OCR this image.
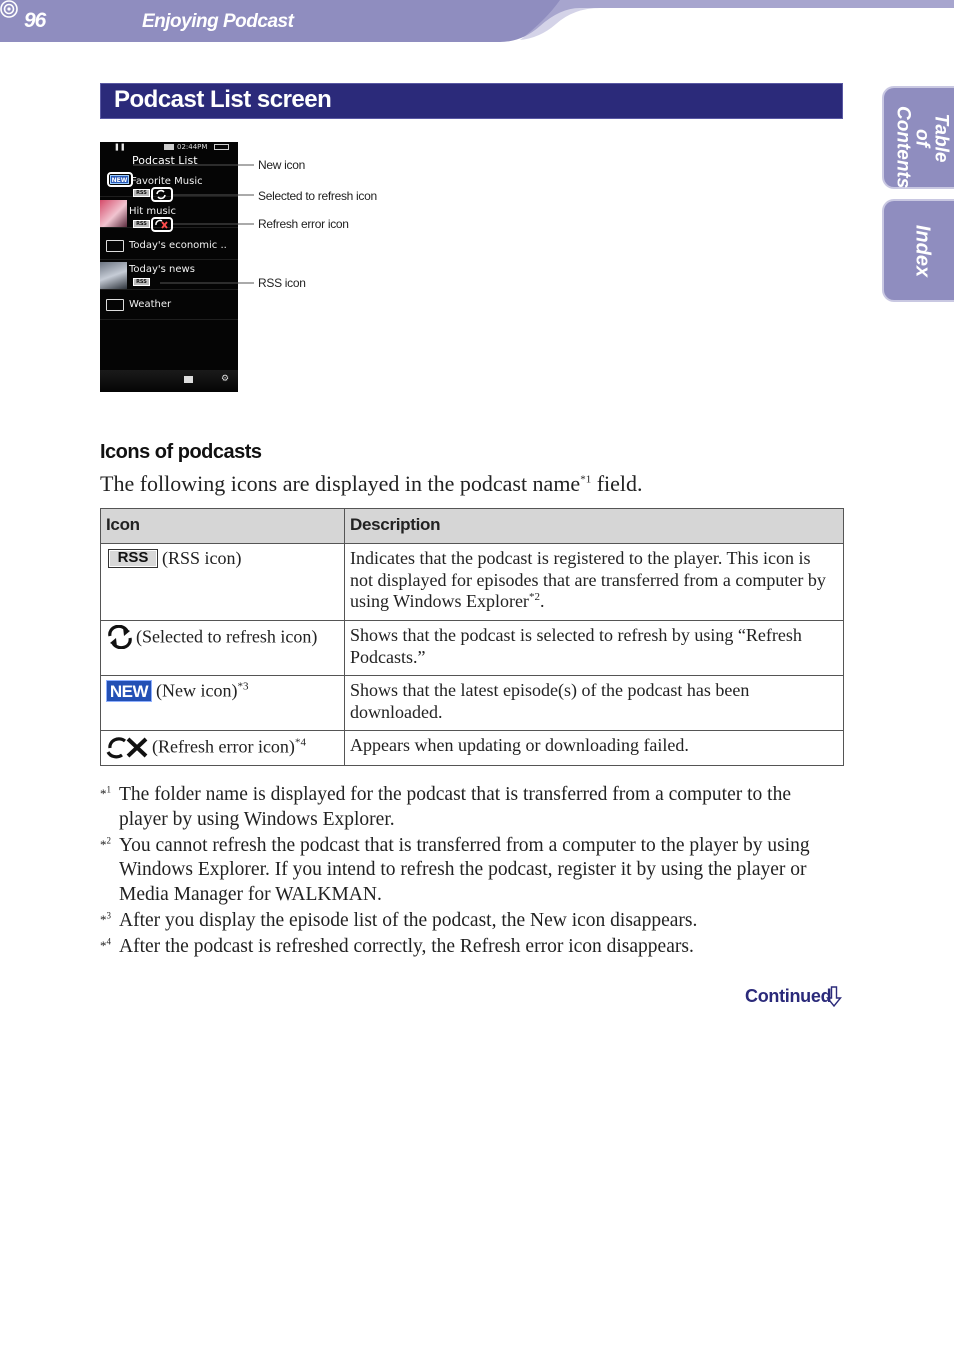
96	Enjoying Podcast
Table of Contents
Index
Podcast List screen
❚❚	02:44PM
Podcast List
Favorite Music
RSS
NEW
Hit music
RSS
Today's economic ..
Today's news
RSS
Weather
⚙
New icon
Selected to refresh icon
Refresh error icon
RSS icon
Icons of podcasts
The following icons are displayed in the podcast name$^{*1}$ field.
Icon	Description
RSS (RSS icon)	Indicates that the podcast is registered to the player. This icon is not displayed for episodes that are transferred from a computer by using Windows Explorer$^{*2}$.
(Selected to refresh icon)	Shows that the podcast is selected to refresh by using “Refresh Podcasts.”
NEW (New icon)$^{*3}$	Shows that the latest episode(s) of the podcast has been downloaded.
(Refresh error icon)$^{*4}$	Appears when updating or downloading failed.
*$^1$ The folder name is displayed for the podcast that is transferred from a computer to the player by using Windows Explorer.
*$^2$ You cannot refresh the podcast that is transferred from a computer to the player by using Windows Explorer. If you intend to refresh the podcast, register it by using the player or Media Manager for WALKMAN.
*$^3$ After you display the episode list of the podcast, the New icon disappears.
*$^4$ After the podcast is refreshed correctly, the Refresh error icon disappears.
Continued
